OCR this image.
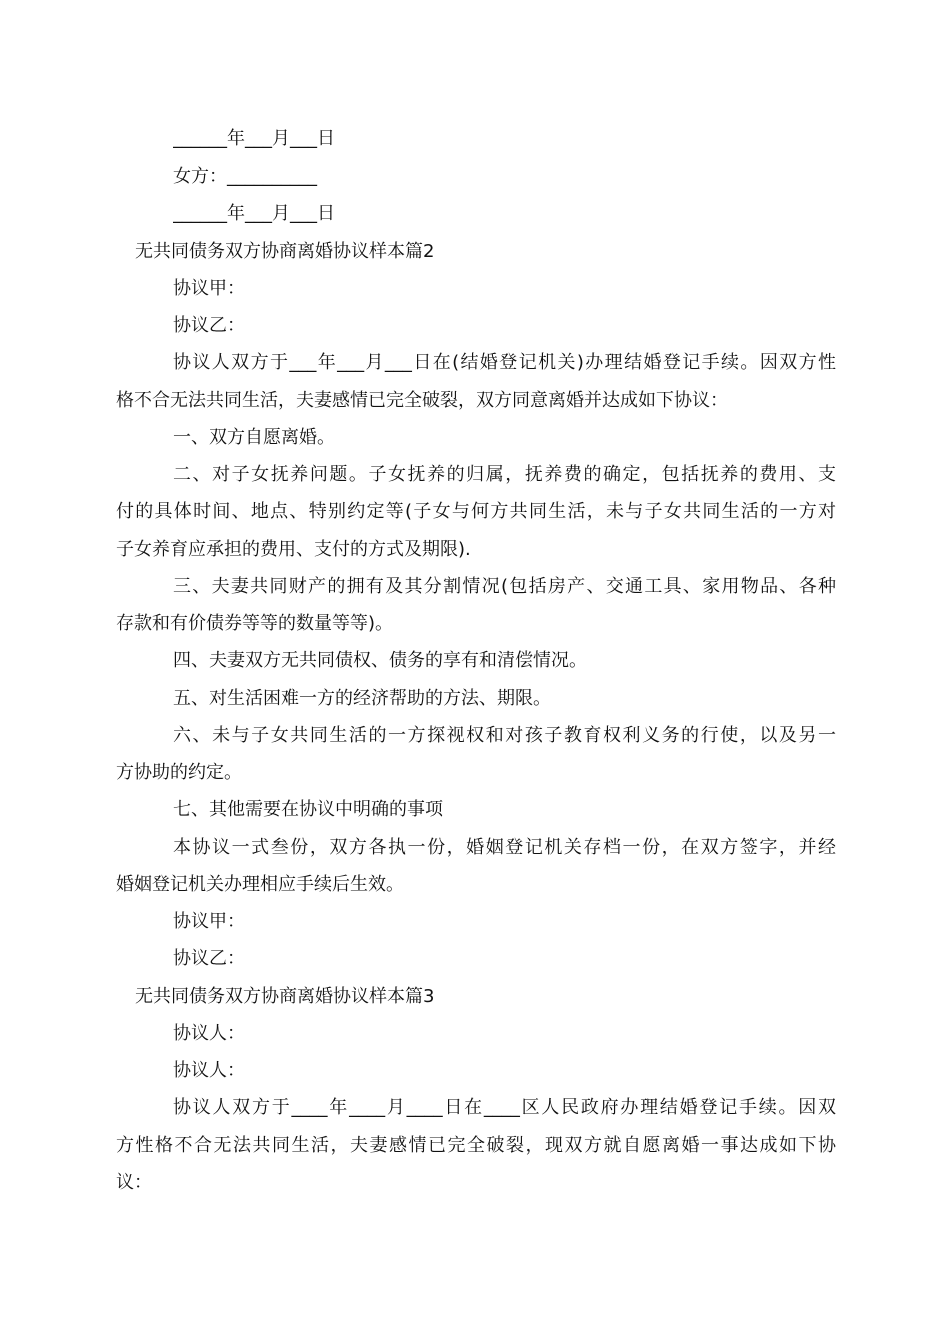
______年___月___日
女方：__________
______年___月___日
无共同债务双方协商离婚协议样本篇2
协议甲：
协议乙：
协议人双方于___年___月___日在(结婚登记机关)办理结婚登记手续。因双方性
格不合无法共同生活，夫妻感情已完全破裂，双方同意离婚并达成如下协议：
一、双方自愿离婚。
二、对子女抚养问题。子女抚养的归属，抚养费的确定，包括抚养的费用、支
付的具体时间、地点、特别约定等(子女与何方共同生活，未与子女共同生活的一方对
子女养育应承担的费用、支付的方式及期限).
三、夫妻共同财产的拥有及其分割情况(包括房产、交通工具、家用物品、各种
存款和有价债券等等的数量等等)。
四、夫妻双方无共同债权、债务的享有和清偿情况。
五、对生活困难一方的经济帮助的方法、期限。
六、未与子女共同生活的一方探视权和对孩子教育权利义务的行使，以及另一
方协助的约定。
七、其他需要在协议中明确的事项
本协议一式叁份，双方各执一份，婚姻登记机关存档一份，在双方签字，并经
婚姻登记机关办理相应手续后生效。
协议甲：
协议乙：
无共同债务双方协商离婚协议样本篇3
协议人：
协议人：
协议人双方于____年____月____日在____区人民政府办理结婚登记手续。因双
方性格不合无法共同生活，夫妻感情已完全破裂，现双方就自愿离婚一事达成如下协
议：
